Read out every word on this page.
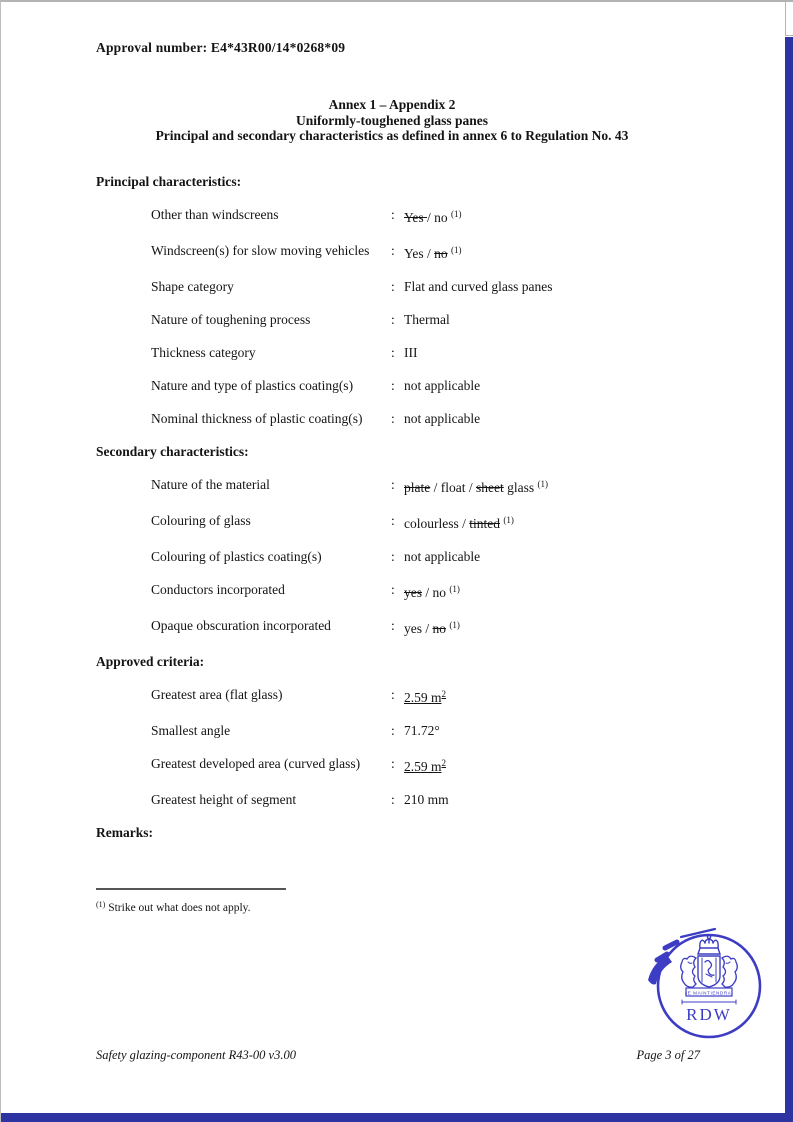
Approval number: E4*43R00/14*0268*09
Annex 1 – Appendix 2
Uniformly-toughened glass panes
Principal and secondary characteristics as defined in annex 6 to Regulation No. 43
Principal characteristics:
Other than windscreens	: Yes / no $^{(1)}$
Windscreen(s) for slow moving vehicles	: Yes / no $^{(1)}$
Shape category	: Flat and curved glass panes
Nature of toughening process	: Thermal
Thickness category	: III
Nature and type of plastics coating(s)	: not applicable
Nominal thickness of plastic coating(s)	: not applicable
Secondary characteristics:
Nature of the material	: plate / float / sheet glass $^{(1)}$
Colouring of glass	: colourless / tinted $^{(1)}$
Colouring of plastics coating(s)	: not applicable
Conductors incorporated	: yes / no $^{(1)}$
Opaque obscuration incorporated	: yes / no $^{(1)}$
Approved criteria:
Greatest area (flat glass)	: 2.59 $m^2$
Smallest angle	: 71.72°
Greatest developed area (curved glass)	: 2.59 $m^2$
Greatest height of segment	: 210 mm
Remarks:
$^{(1)}$ Strike out what does not apply.
JE MAINTIENDRAI
RDW
Safety glazing-component R43-00 v3.00	Page 3 of 27
